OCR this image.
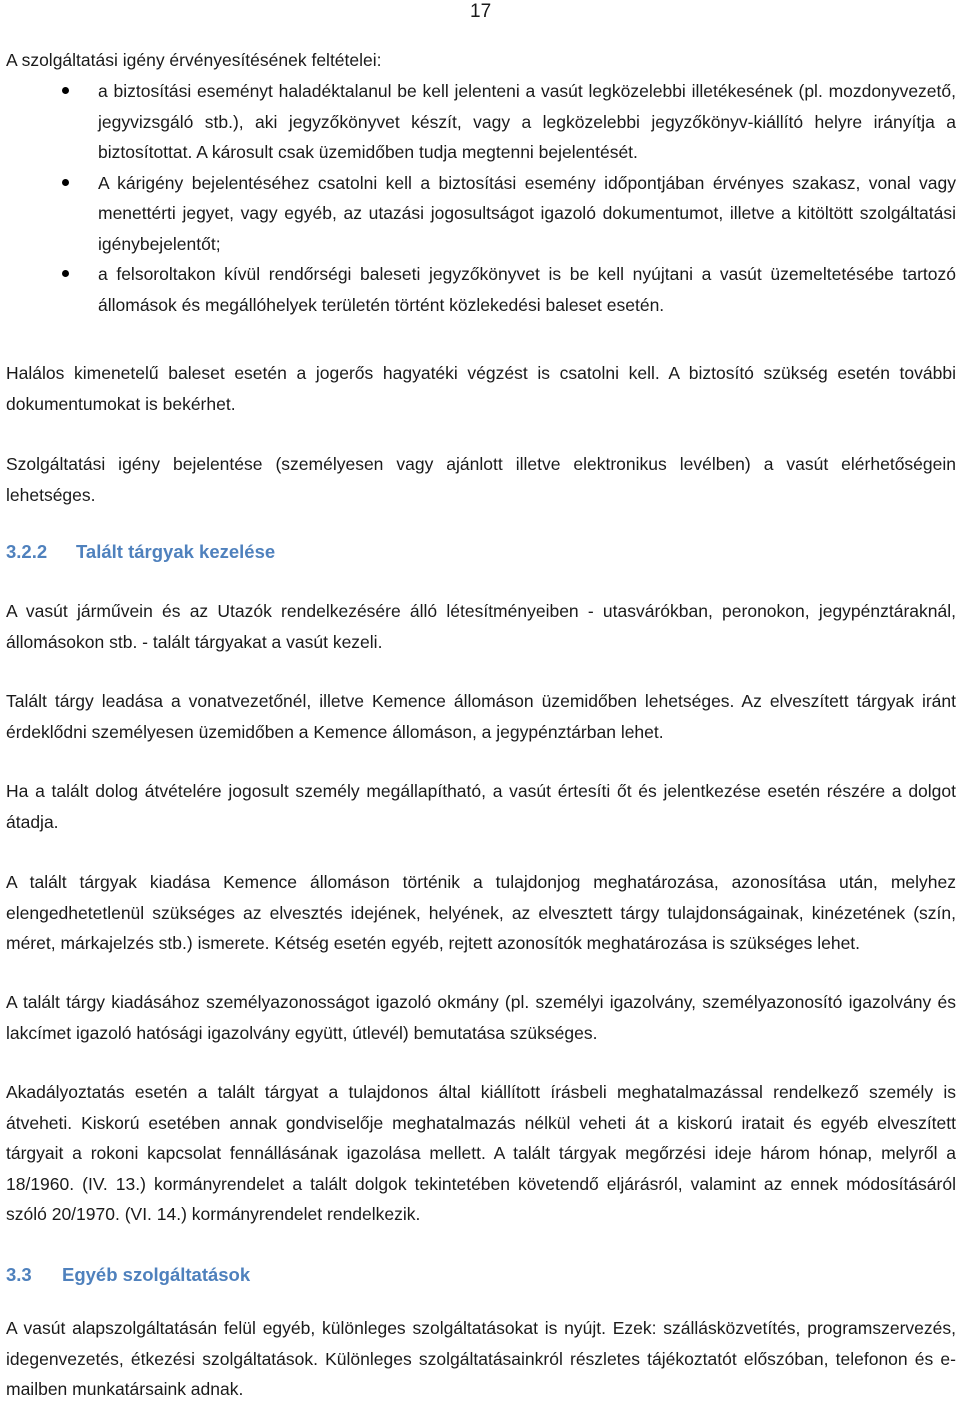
17

A szolgáltatási igény érvényesítésének feltételei:

a biztosítási eseményt haladéktalanul be kell jelenteni a vasút legközelebbi illetékesének (pl. mozdonyvezető, jegyvizsgáló stb.), aki jegyzőkönyvet készít, vagy a legközelebbi jegyzőkönyv-kiállító helyre irányítja a biztosítottat. A károsult csak üzemidőben tudja megtenni bejelentését.
A kárigény bejelentéséhez csatolni kell a biztosítási esemény időpontjában érvényes szakasz, vonal vagy menettérti jegyet, vagy egyéb, az utazási jogosultságot igazoló dokumentumot, illetve a kitöltött szolgáltatási igénybejelentőt;
a felsoroltakon kívül rendőrségi baleseti jegyzőkönyvet is be kell nyújtani a vasút üzemeltetésébe tartozó állomások és megállóhelyek területén történt közlekedési baleset esetén.

Halálos kimenetelű baleset esetén a jogerős hagyatéki végzést is csatolni kell. A biztosító szükség esetén további dokumentumokat is bekérhet.

Szolgáltatási igény bejelentése (személyesen vagy ajánlott illetve elektronikus levélben) a vasút elérhetőségein lehetséges.

3.2.2 Talált tárgyak kezelése

A vasút járművein és az Utazók rendelkezésére álló létesítményeiben - utasvárókban, peronokon, jegypénztáraknál, állomásokon stb. - talált tárgyakat a vasút kezeli.

Talált tárgy leadása a vonatvezetőnél, illetve Kemence állomáson üzemidőben lehetséges. Az elveszített tárgyak iránt érdeklődni személyesen üzemidőben a Kemence állomáson, a jegypénztárban lehet.

Ha a talált dolog átvételére jogosult személy megállapítható, a vasút értesíti őt és jelentkezése esetén részére a dolgot átadja.

A talált tárgyak kiadása Kemence állomáson történik a tulajdonjog meghatározása, azonosítása után, melyhez elengedhetetlenül szükséges az elvesztés idejének, helyének, az elvesztett tárgy tulajdonságainak, kinézetének (szín, méret, márkajelzés stb.) ismerete. Kétség esetén egyéb, rejtett azonosítók meghatározása is szükséges lehet.

A talált tárgy kiadásához személyazonosságot igazoló okmány (pl. személyi igazolvány, személyazonosító igazolvány és lakcímet igazoló hatósági igazolvány együtt, útlevél) bemutatása szükséges.

Akadályoztatás esetén a talált tárgyat a tulajdonos által kiállított írásbeli meghatalmazással rendelkező személy is átveheti. Kiskorú esetében annak gondviselője meghatalmazás nélkül veheti át a kiskorú iratait és egyéb elveszített tárgyait a rokoni kapcsolat fennállásának igazolása mellett. A talált tárgyak megőrzési ideje három hónap, melyről a 18/1960. (IV. 13.) kormányrendelet a talált dolgok tekintetében követendő eljárásról, valamint az ennek módosításáról szóló 20/1970. (VI. 14.) kormányrendelet rendelkezik.

3.3 Egyéb szolgáltatások

A vasút alapszolgáltatásán felül egyéb, különleges szolgáltatásokat is nyújt. Ezek: szállásközvetítés, programszervezés, idegenvezetés, étkezési szolgáltatások. Különleges szolgáltatásainkról részletes tájékoztatót előszóban, telefonon és e-mailben munkatársaink adnak.
